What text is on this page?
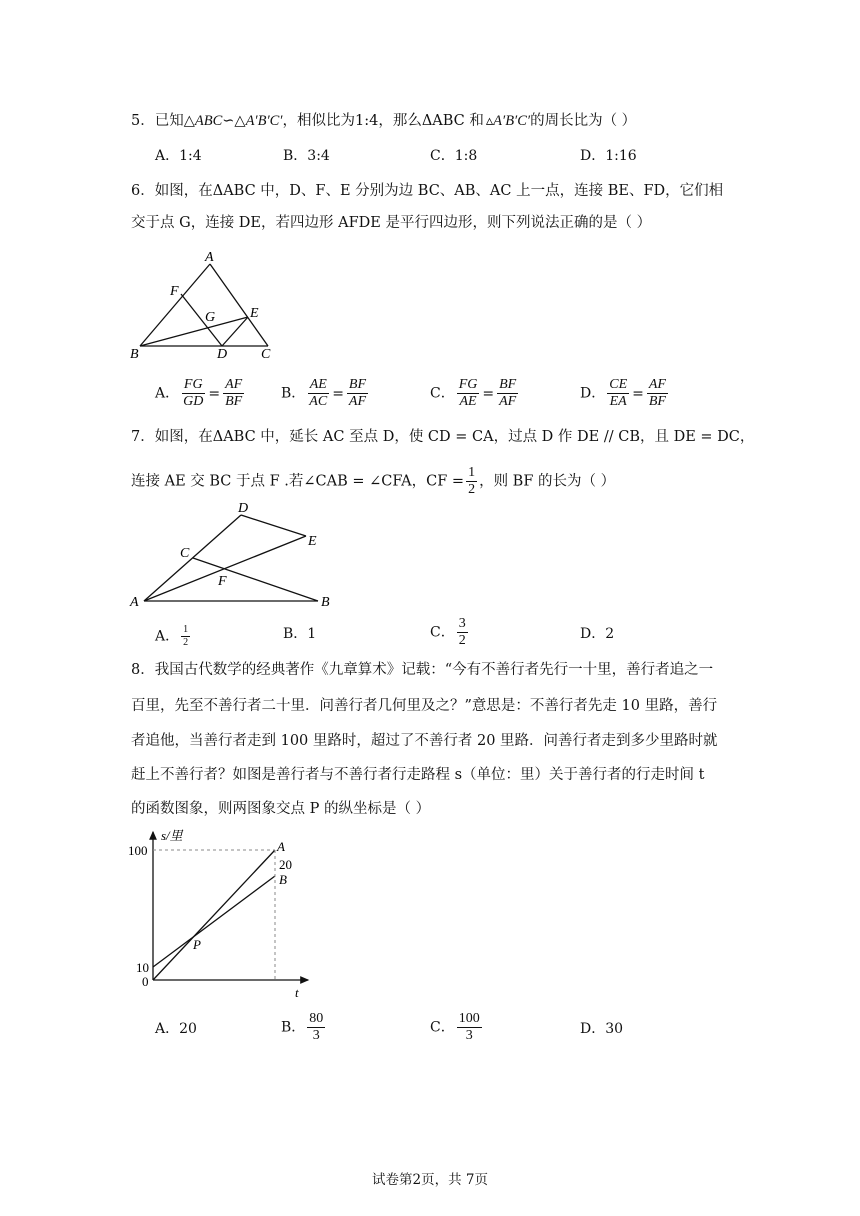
5．已知△ABC∽△A′B′C′，相似比为1:4，那么ΔABC 和 ▵A′B′C′的周长比为（ ）
A．1:4	B．3:4	C．1:8	D．1:16
6．如图，在ΔABC 中，D、F、E 分别为边 BC、AB、AC 上一点，连接 BE、FD，它们相
交于点 G，连接 DE，若四边形 AFDE 是平行四边形，则下列说法正确的是（ ）
A
F
G E
B	D C
A． $\frac{FG}{GD} = \frac{AF}{BF}$	B． $\frac{AE}{AC} = \frac{BF}{AF}$	C． $\frac{FG}{AE} = \frac{BF}{AF}$	D． $\frac{CE}{EA} = \frac{AF}{BF}$
7．如图，在ΔABC 中，延长 AC 至点 D，使 CD = CA，过点 D 作 DE // CB，且 DE = DC，
连接 AE 交 BC 于点 F .若∠CAB = ∠CFA，CF = $\frac{1}{2}$ ，则 BF 的长为（ ）
D
E
C
F
A	B
A． $\frac{1}{2}$	B．1	C． $\frac{3}{2}$	D．2
8．我国古代数学的经典著作《九章算术》记载：“今有不善行者先行一十里，善行者追之一
百里，先至不善行者二十里．问善行者几何里及之？”意思是：不善行者先走 10 里路，善行
者追他，当善行者走到 100 里路时，超过了不善行者 20 里路．问善行者走到多少里路时就
赶上不善行者？如图是善行者与不善行者行走路程 s（单位：里）关于善行者的行走时间 t
的函数图象，则两图象交点 P 的纵坐标是（ ）
s/里
100
10
0
t
A
20
B
P
A．20	B． $\frac{80}{3}$	C． $\frac{100}{3}$	D．30
试卷第2页，共 7页
